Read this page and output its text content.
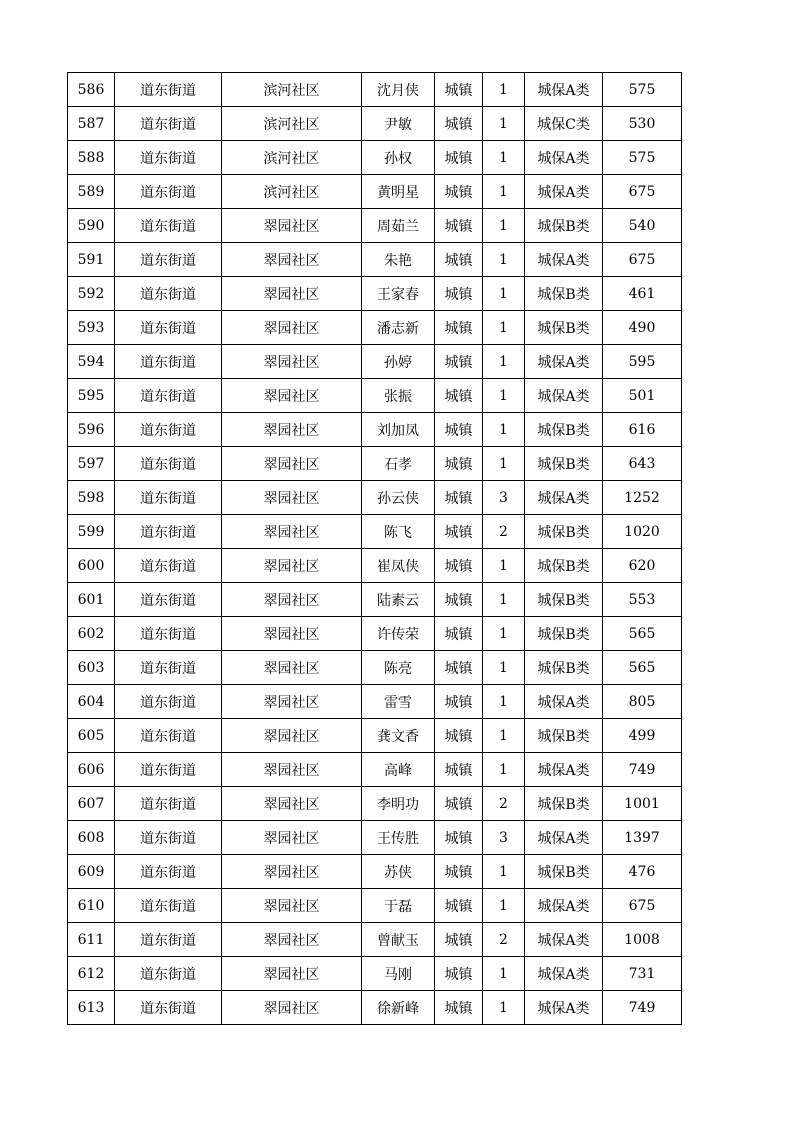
586	道东街道	滨河社区	沈月侠	城镇	1	城保A类	575
587	道东街道	滨河社区	尹敏	城镇	1	城保C类	530
588	道东街道	滨河社区	孙权	城镇	1	城保A类	575
589	道东街道	滨河社区	黄明星	城镇	1	城保A类	675
590	道东街道	翠园社区	周茹兰	城镇	1	城保B类	540
591	道东街道	翠园社区	朱艳	城镇	1	城保A类	675
592	道东街道	翠园社区	王家春	城镇	1	城保B类	461
593	道东街道	翠园社区	潘志新	城镇	1	城保B类	490
594	道东街道	翠园社区	孙婷	城镇	1	城保A类	595
595	道东街道	翠园社区	张振	城镇	1	城保A类	501
596	道东街道	翠园社区	刘加凤	城镇	1	城保B类	616
597	道东街道	翠园社区	石孝	城镇	1	城保B类	643
598	道东街道	翠园社区	孙云侠	城镇	3	城保A类	1252
599	道东街道	翠园社区	陈飞	城镇	2	城保B类	1020
600	道东街道	翠园社区	崔凤侠	城镇	1	城保B类	620
601	道东街道	翠园社区	陆素云	城镇	1	城保B类	553
602	道东街道	翠园社区	许传荣	城镇	1	城保B类	565
603	道东街道	翠园社区	陈亮	城镇	1	城保B类	565
604	道东街道	翠园社区	雷雪	城镇	1	城保A类	805
605	道东街道	翠园社区	龚文香	城镇	1	城保B类	499
606	道东街道	翠园社区	高峰	城镇	1	城保A类	749
607	道东街道	翠园社区	李明功	城镇	2	城保B类	1001
608	道东街道	翠园社区	王传胜	城镇	3	城保A类	1397
609	道东街道	翠园社区	苏侠	城镇	1	城保B类	476
610	道东街道	翠园社区	于磊	城镇	1	城保A类	675
611	道东街道	翠园社区	曾献玉	城镇	2	城保A类	1008
612	道东街道	翠园社区	马刚	城镇	1	城保A类	731
613	道东街道	翠园社区	徐新峰	城镇	1	城保A类	749
